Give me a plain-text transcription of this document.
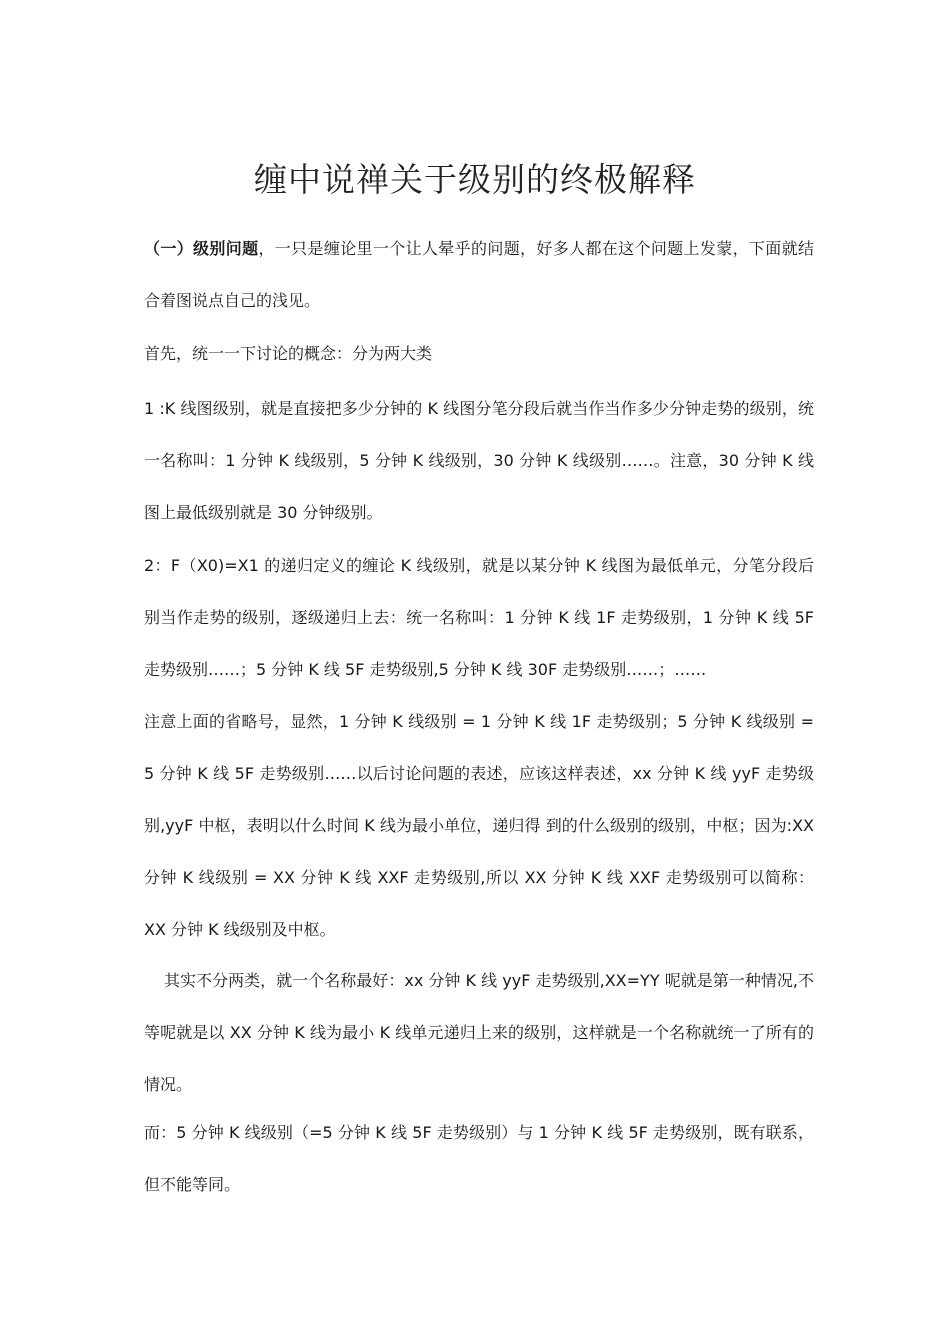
缠中说禅关于级别的终极解释

（一）级别问题，一只是缠论里一个让人晕乎的问题，好多人都在这个问题上发蒙，下面就结合着图说点自己的浅见。

首先，统一一下讨论的概念：分为两大类

1 :K 线图级别，就是直接把多少分钟的 K 线图分笔分段后就当作当作多少分钟走势的级别，统一名称叫：1 分钟 K 线级别，5 分钟 K 线级别，30 分钟 K 线级别……。注意，30 分钟 K 线图上最低级别就是 30 分钟级别。

2：F（X0)=X1 的递归定义的缠论 K 线级别，就是以某分钟 K 线图为最低单元，分笔分段后别当作走势的级别，逐级递归上去：统一名称叫：1 分钟 K 线 1F 走势级别，1 分钟 K 线 5F 走势级别……；5 分钟 K 线 5F 走势级别,5 分钟 K 线 30F 走势级别……；……

注意上面的省略号，显然，1 分钟 K 线级别 = 1 分钟 K 线 1F 走势级别；5 分钟 K 线级别 = 5 分钟 K 线 5F 走势级别……以后讨论问题的表述，应该这样表述，xx 分钟 K 线 yyF 走势级别,yyF 中枢，表明以什么时间 K 线为最小单位，递归得 到的什么级别的级别，中枢；因为:XX 分钟 K 线级别 = XX 分钟 K 线 XXF 走势级别,所以 XX 分钟 K 线 XXF 走势级别可以简称：XX 分钟 K 线级别及中枢。

其实不分两类，就一个名称最好：xx 分钟 K 线 yyF 走势级别,XX=YY 呢就是第一种情况,不等呢就是以 XX 分钟 K 线为最小 K 线单元递归上来的级别，这样就是一个名称就统一了所有的情况。

而：5 分钟 K 线级别（=5 分钟 K 线 5F 走势级别）与 1 分钟 K 线 5F 走势级别，既有联系，但不能等同。
